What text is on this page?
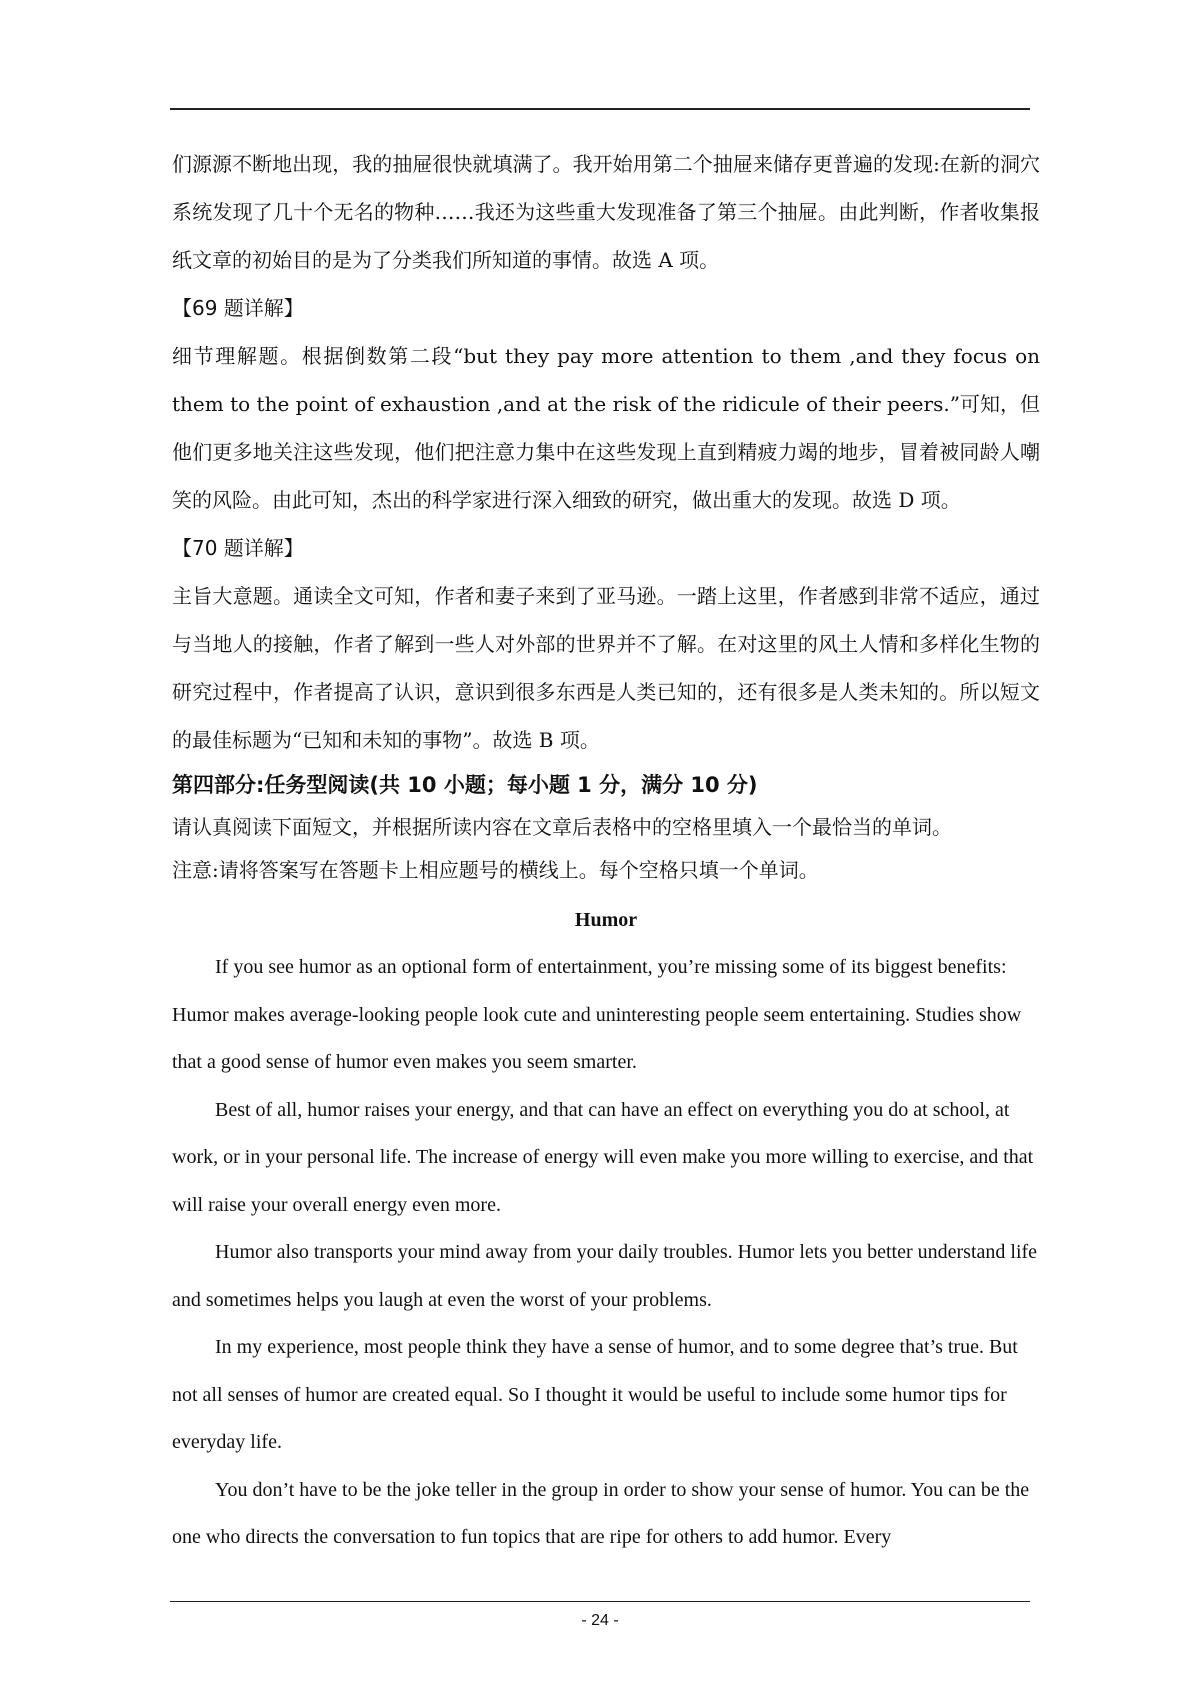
们源源不断地出现，我的抽屉很快就填满了。我开始用第二个抽屉来储存更普遍的发现:在新的洞穴系统发现了几十个无名的物种……我还为这些重大发现准备了第三个抽屉。由此判断，作者收集报纸文章的初始目的是为了分类我们所知道的事情。故选 A 项。

【69 题详解】

细节理解题。根据倒数第二段“but they pay more attention to them ,and they focus on them to the point of exhaustion ,and at the risk of the ridicule of their peers.”可知，但他们更多地关注这些发现，他们把注意力集中在这些发现上直到精疲力竭的地步，冒着被同龄人嘲笑的风险。由此可知，杰出的科学家进行深入细致的研究，做出重大的发现。故选 D 项。

【70 题详解】

主旨大意题。通读全文可知，作者和妻子来到了亚马逊。一踏上这里，作者感到非常不适应，通过与当地人的接触，作者了解到一些人对外部的世界并不了解。在对这里的风土人情和多样化生物的研究过程中，作者提高了认识，意识到很多东西是人类已知的，还有很多是人类未知的。所以短文的最佳标题为“已知和未知的事物”。故选 B 项。

第四部分:任务型阅读(共 10 小题；每小题 1 分，满分 10 分)

请认真阅读下面短文，并根据所读内容在文章后表格中的空格里填入一个最恰当的单词。

注意:请将答案写在答题卡上相应题号的横线上。每个空格只填一个单词。

Humor

If you see humor as an optional form of entertainment, you’re missing some of its biggest benefits: Humor makes average-looking people look cute and uninteresting people seem entertaining. Studies show that a good sense of humor even makes you seem smarter.

Best of all, humor raises your energy, and that can have an effect on everything you do at school, at work, or in your personal life. The increase of energy will even make you more willing to exercise, and that will raise your overall energy even more.

Humor also transports your mind away from your daily troubles. Humor lets you better understand life and sometimes helps you laugh at even the worst of your problems.

In my experience, most people think they have a sense of humor, and to some degree that’s true. But not all senses of humor are created equal. So I thought it would be useful to include some humor tips for everyday life.

You don’t have to be the joke teller in the group in order to show your sense of humor. You can be the one who directs the conversation to fun topics that are ripe for others to add humor. Every

- 24 -
